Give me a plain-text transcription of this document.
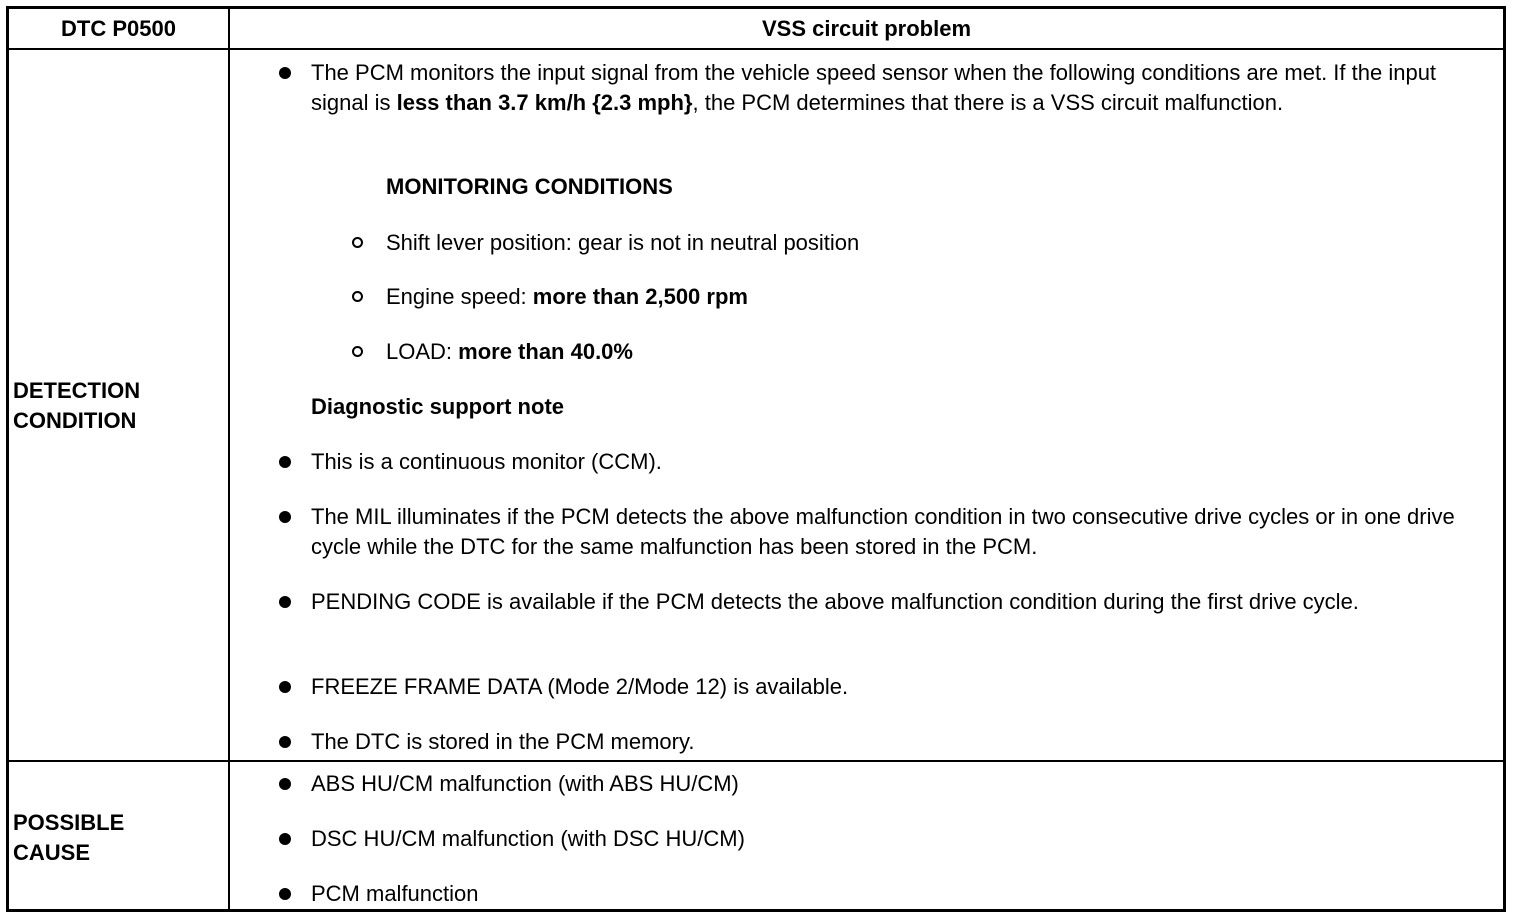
DTC P0500	VSS circuit problem
DETECTION
CONDITION
The PCM monitors the input signal from the vehicle speed sensor when the following conditions are met. If the input signal is less than 3.7 km/h {2.3 mph}, the PCM determines that there is a VSS circuit malfunction.
MONITORING CONDITIONS
Shift lever position: gear is not in neutral position
Engine speed: more than 2,500 rpm
LOAD: more than 40.0%
Diagnostic support note
This is a continuous monitor (CCM).
The MIL illuminates if the PCM detects the above malfunction condition in two consecutive drive cycles or in one drive cycle while the DTC for the same malfunction has been stored in the PCM.
PENDING CODE is available if the PCM detects the above malfunction condition during the first drive cycle.
FREEZE FRAME DATA (Mode 2/Mode 12) is available.
The DTC is stored in the PCM memory.
POSSIBLE
CAUSE
ABS HU/CM malfunction (with ABS HU/CM)
DSC HU/CM malfunction (with DSC HU/CM)
PCM malfunction
